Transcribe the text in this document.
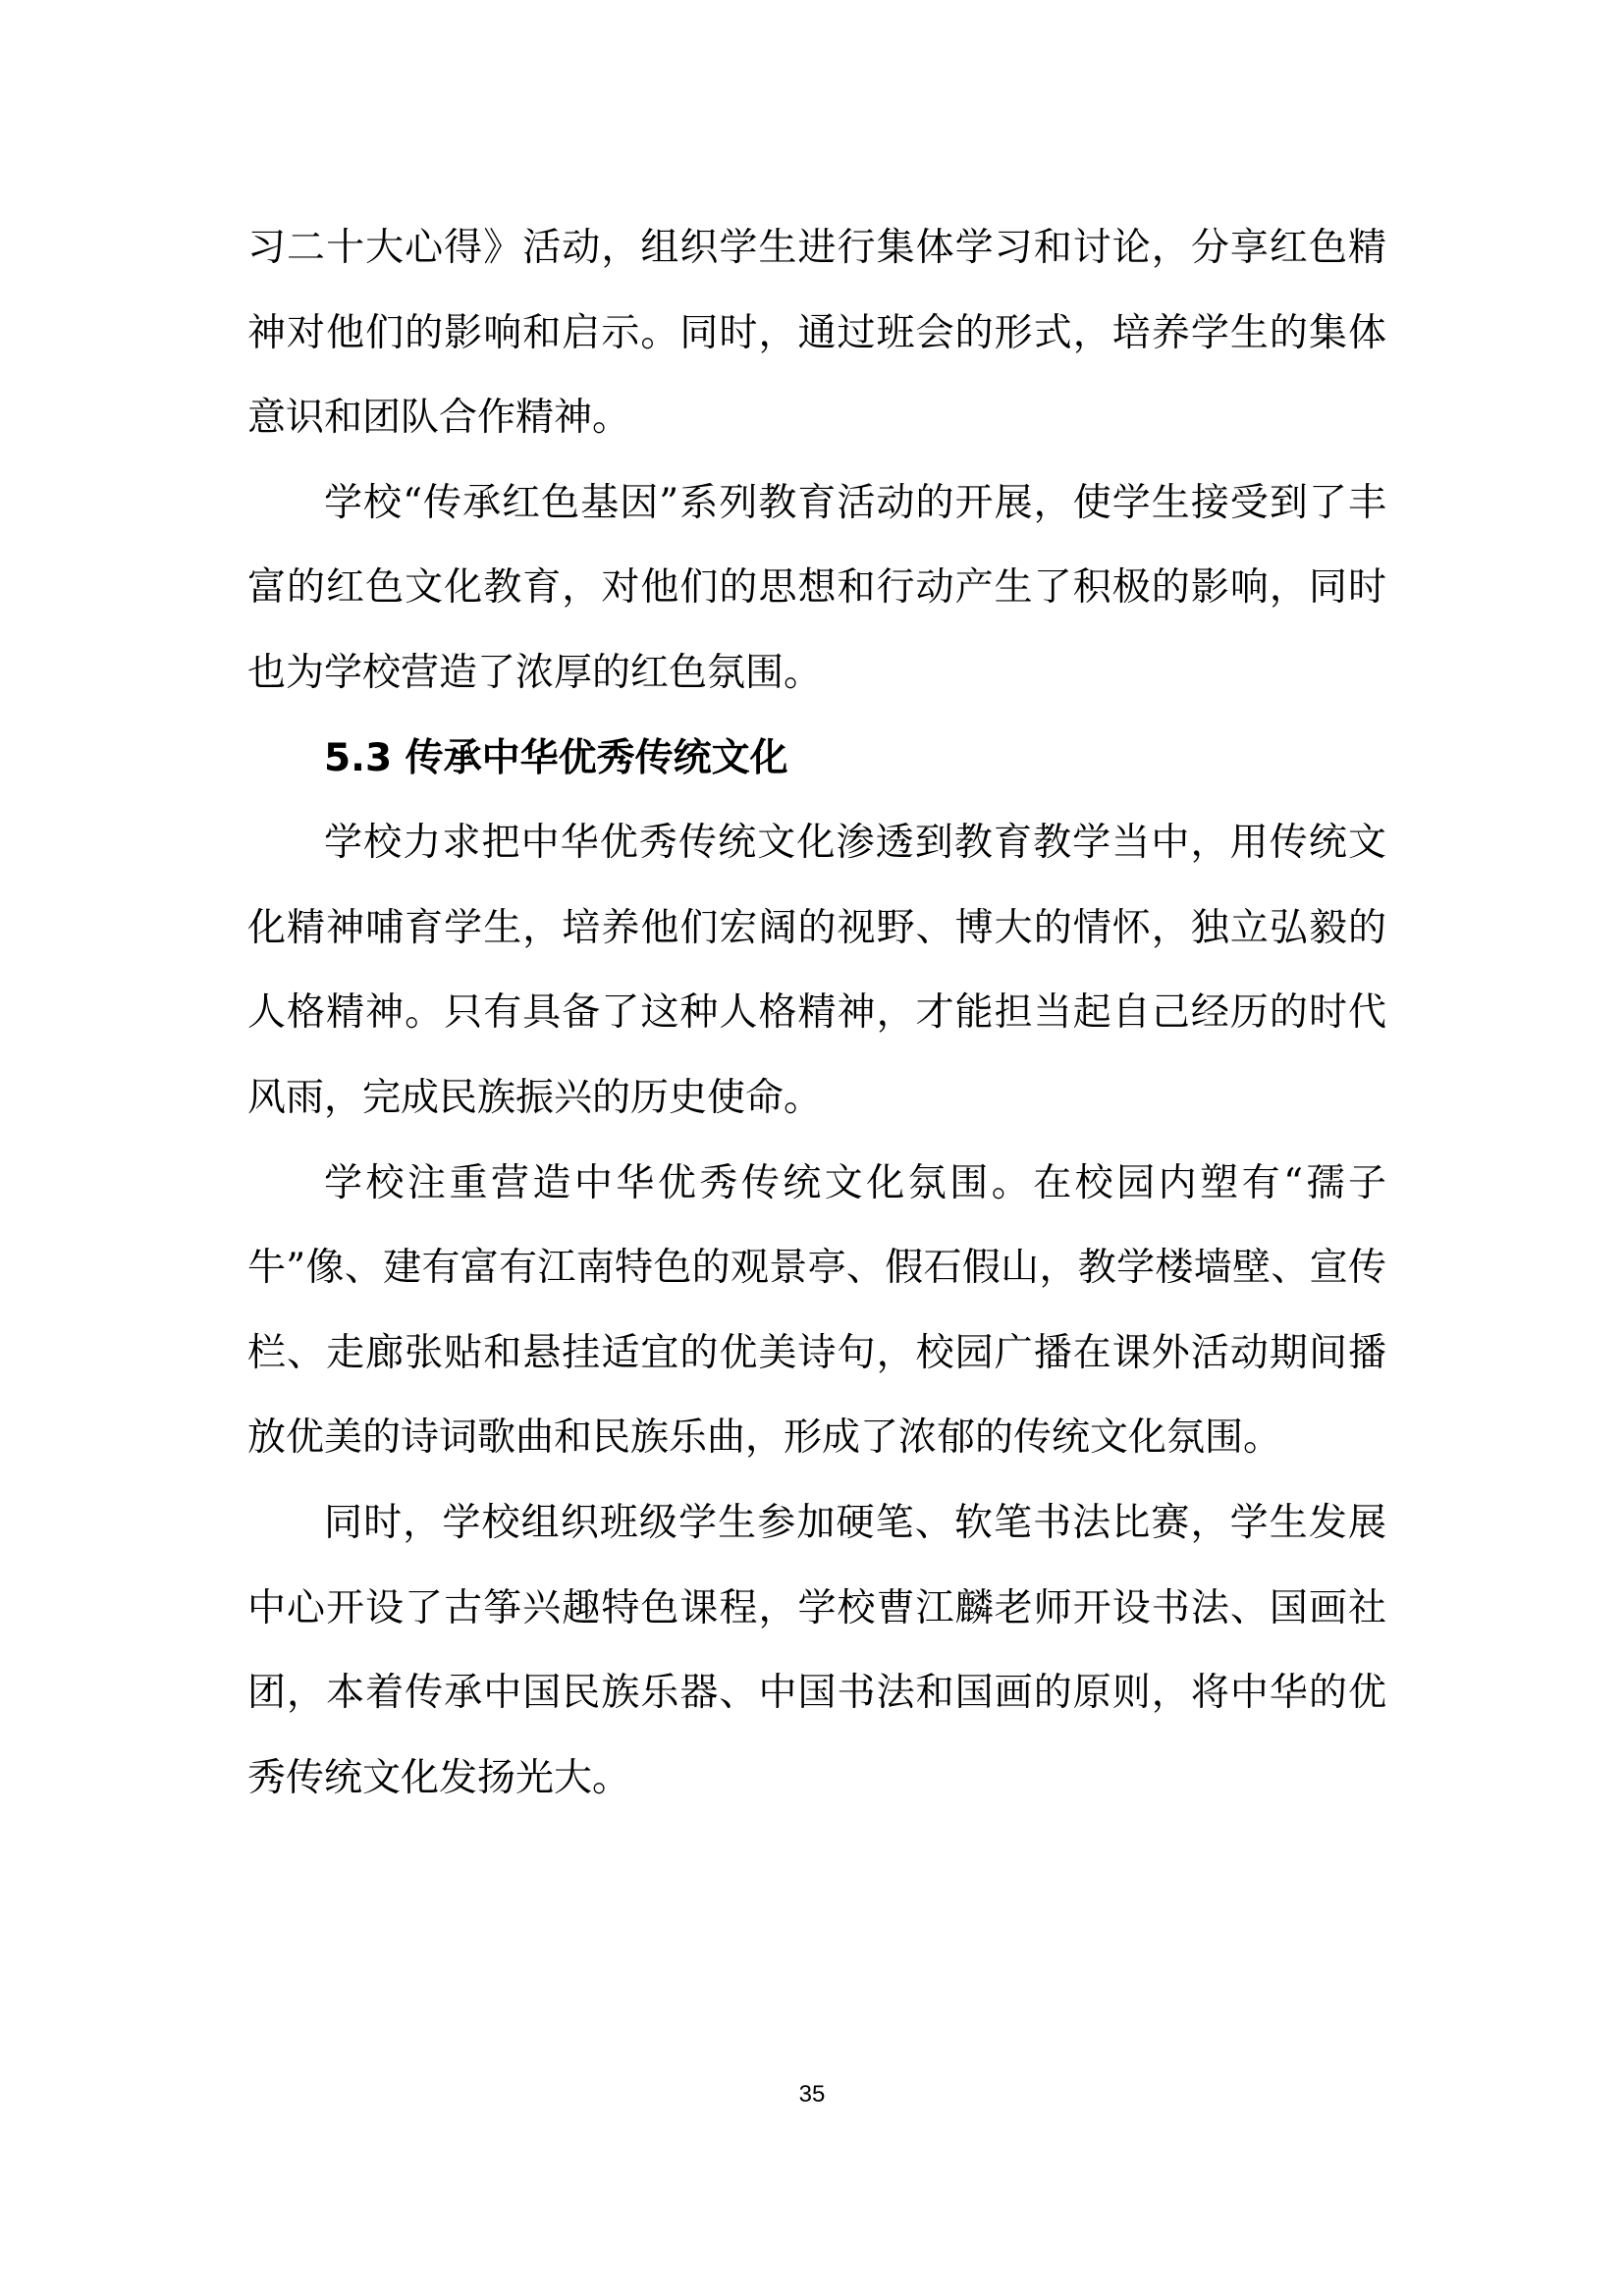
习二十大心得》活动，组织学生进行集体学习和讨论，分享红色精神对他们的影响和启示。同时，通过班会的形式，培养学生的集体意识和团队合作精神。

学校“传承红色基因”系列教育活动的开展，使学生接受到了丰富的红色文化教育，对他们的思想和行动产生了积极的影响，同时也为学校营造了浓厚的红色氛围。

5.3 传承中华优秀传统文化

学校力求把中华优秀传统文化渗透到教育教学当中，用传统文化精神哺育学生，培养他们宏阔的视野、博大的情怀，独立弘毅的人格精神。只有具备了这种人格精神，才能担当起自己经历的时代风雨，完成民族振兴的历史使命。

学校注重营造中华优秀传统文化氛围。在校园内塑有“孺子牛”像、建有富有江南特色的观景亭、假石假山，教学楼墙壁、宣传栏、走廊张贴和悬挂适宜的优美诗句，校园广播在课外活动期间播放优美的诗词歌曲和民族乐曲，形成了浓郁的传统文化氛围。

同时，学校组织班级学生参加硬笔、软笔书法比赛，学生发展中心开设了古筝兴趣特色课程，学校曹江麟老师开设书法、国画社团，本着传承中国民族乐器、中国书法和国画的原则，将中华的优秀传统文化发扬光大。

35
